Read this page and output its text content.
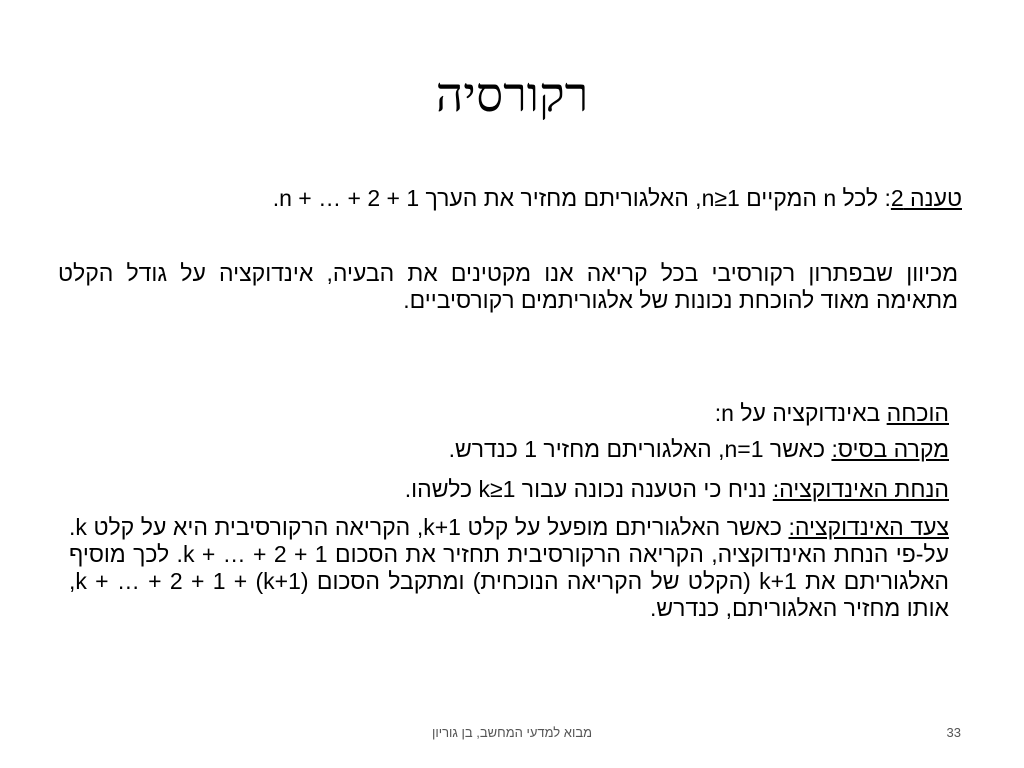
רקורסיה
טענה 2: לכל n המקיים n≥1, האלגוריתם מחזיר את הערך n + … + 2 + 1.
מכיוון שבפתרון רקורסיבי בכל קריאה אנו מקטינים את הבעיה, אינדוקציה על גודל הקלט מתאימה מאוד להוכחת נכונות של אלגוריתמים רקורסיביים.
הוכחה באינדוקציה על n:
מקרה בסיס: כאשר n=1, האלגוריתם מחזיר 1 כנדרש.
הנחת האינדוקציה: נניח כי הטענה נכונה עבור k≥1 כלשהו.
צעד האינדוקציה: כאשר האלגוריתם מופעל על קלט k+1, הקריאה הרקורסיבית היא על קלט k. על-פי הנחת האינדוקציה, הקריאה הרקורסיבית תחזיר את הסכום k + … + 2 + 1. לכך מוסיף האלגוריתם את k+1 (הקלט של הקריאה הנוכחית) ומתקבל הסכום (k+1) + k + … + 2 + 1, אותו מחזיר האלגוריתם, כנדרש.
מבוא למדעי המחשב, בן גוריון	33
